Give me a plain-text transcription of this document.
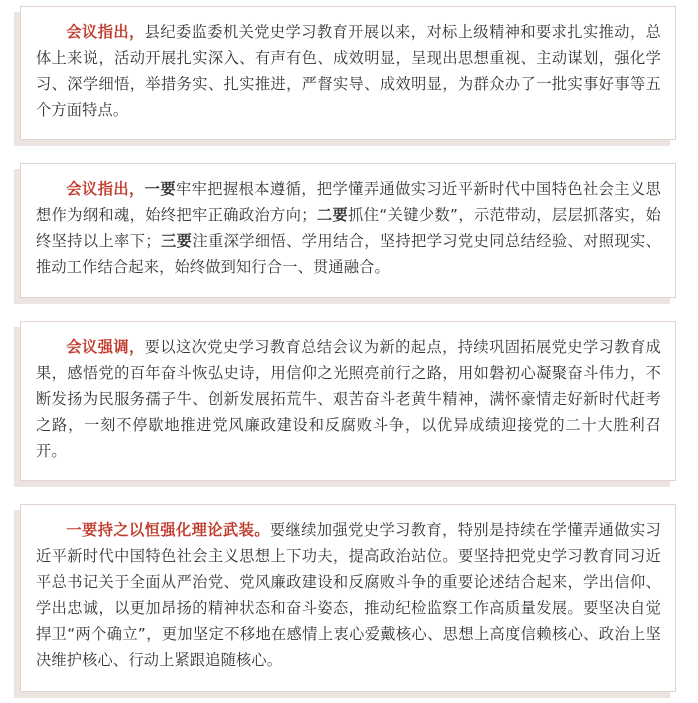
会议指出，县纪委监委机关党史学习教育开展以来，对标上级精神和要求扎实推动，总体上来说，活动开展扎实深入、有声有色、成效明显，呈现出思想重视、主动谋划，强化学习、深学细悟，举措务实、扎实推进，严督实导、成效明显，为群众办了一批实事好事等五个方面特点。

会议指出，一要牢牢把握根本遵循，把学懂弄通做实习近平新时代中国特色社会主义思想作为纲和魂，始终把牢正确政治方向；二要抓住“关键少数”，示范带动，层层抓落实，始终坚持以上率下；三要注重深学细悟、学用结合，坚持把学习党史同总结经验、对照现实、推动工作结合起来，始终做到知行合一、贯通融合。

会议强调，要以这次党史学习教育总结会议为新的起点，持续巩固拓展党史学习教育成果，感悟党的百年奋斗恢弘史诗，用信仰之光照亮前行之路，用如磐初心凝聚奋斗伟力，不断发扬为民服务孺子牛、创新发展拓荒牛、艰苦奋斗老黄牛精神，满怀豪情走好新时代赶考之路，一刻不停歇地推进党风廉政建设和反腐败斗争，以优异成绩迎接党的二十大胜利召开。

一要持之以恒强化理论武装。要继续加强党史学习教育，特别是持续在学懂弄通做实习近平新时代中国特色社会主义思想上下功夫，提高政治站位。要坚持把党史学习教育同习近平总书记关于全面从严治党、党风廉政建设和反腐败斗争的重要论述结合起来，学出信仰、学出忠诚，以更加昂扬的精神状态和奋斗姿态，推动纪检监察工作高质量发展。要坚决自觉捍卫“两个确立”，更加坚定不移地在感情上衷心爱戴核心、思想上高度信赖核心、政治上坚决维护核心、行动上紧跟追随核心。
